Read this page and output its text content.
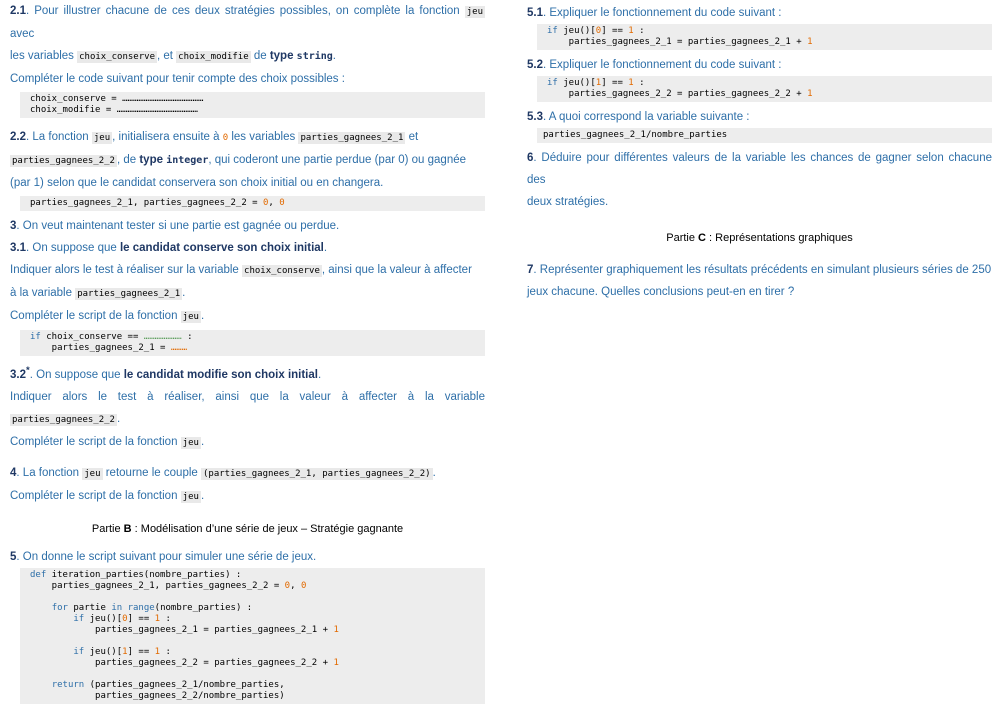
2.1. Pour illustrer chacune de ces deux stratégies possibles, on complète la fonction jeu avec

les variables choix_conserve , et choix_modifie de type string.

Compléter le code suivant pour tenir compte des choix possibles :

choix_conserve = ………………………………………
choix_modifie = ………………………………………

2.2. La fonction jeu , initialisera ensuite à 0 les variables parties_gagnees_2_1 et

parties_gagnees_2_2 , de type integer, qui coderont une partie perdue (par 0) ou gagnée

(par 1) selon que le candidat conservera son choix initial ou en changera.

parties_gagnees_2_1, parties_gagnees_2_2 = 0, 0

3. On veut maintenant tester si une partie est gagnée ou perdue.

3.1. On suppose que le candidat conserve son choix initial.

Indiquer alors le test à réaliser sur la variable choix_conserve , ainsi que la valeur à affecter

à la variable parties_gagnees_2_1 .

Compléter le script de la fonction jeu .

if choix_conserve == ………………… :
parties_gagnees_2_1 = ………

3.2*. On suppose que le candidat modifie son choix initial.

Indiquer alors le test à réaliser, ainsi que la valeur à affecter à la variable

parties_gagnees_2_2 .

Compléter le script de la fonction jeu .

4. La fonction jeu retourne le couple (parties_gagnees_2_1, parties_gagnees_2_2) .

Compléter le script de la fonction jeu .

Partie B : Modélisation d’une série de jeux – Stratégie gagnante

5. On donne le script suivant pour simuler une série de jeux.

def iteration_parties(nombre_parties) :
parties_gagnees_2_1, parties_gagnees_2_2 = 0, 0

for partie in range(nombre_parties) :
if jeu()[0] == 1 :
parties_gagnees_2_1 = parties_gagnees_2_1 + 1

if jeu()[1] == 1 :
parties_gagnees_2_2 = parties_gagnees_2_2 + 1

return (parties_gagnees_2_1/nombre_parties,
parties_gagnees_2_2/nombre_parties)

5.1. Expliquer le fonctionnement du code suivant :

if jeu()[0] == 1 :
parties_gagnees_2_1 = parties_gagnees_2_1 + 1

5.2. Expliquer le fonctionnement du code suivant :

if jeu()[1] == 1 :
parties_gagnees_2_2 = parties_gagnees_2_2 + 1

5.3. A quoi correspond la variable suivante :

parties_gagnees_2_1/nombre_parties

6. Déduire pour différentes valeurs de la variable les chances de gagner selon chacune des

deux stratégies.

Partie C : Représentations graphiques

7. Représenter graphiquement les résultats précédents en simulant plusieurs séries de 250

jeux chacune. Quelles conclusions peut-en en tirer ?
